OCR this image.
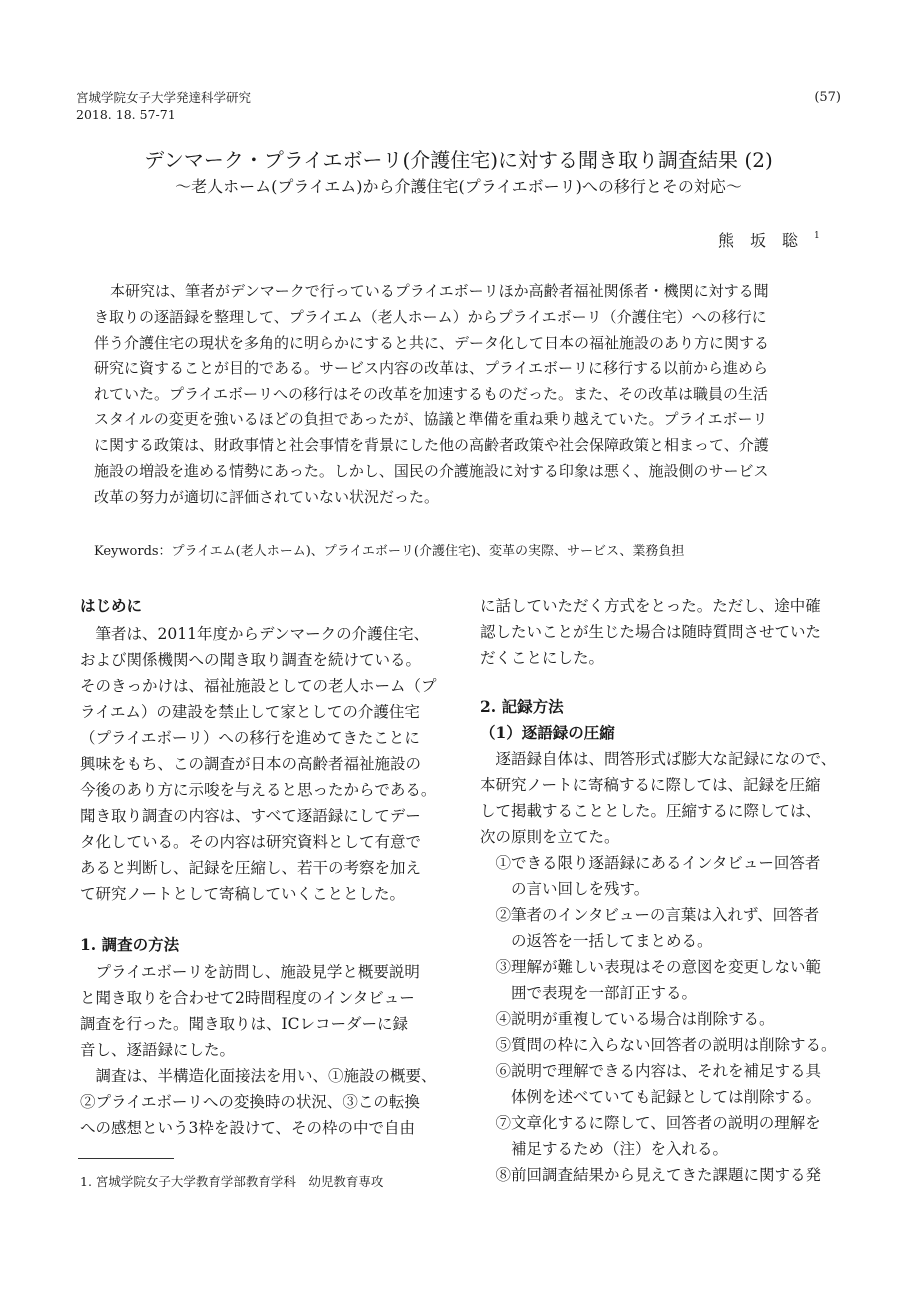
宮城学院女子大学発達科学研究
2018. 18. 57-71
(57)
デンマーク・プライエボーリ(介護住宅)に対する聞き取り調査結果 (2)
～老人ホーム(プライエム)から介護住宅(プライエボーリ)への移行とその対応～
熊坂聡$^1$
本研究は、筆者がデンマークで行っているプライエボーリほか高齢者福祉関係者・機関に対する聞
き取りの逐語録を整理して、プライエム（老人ホーム）からプライエボーリ（介護住宅）への移行に
伴う介護住宅の現状を多角的に明らかにすると共に、データ化して日本の福祉施設のあり方に関する
研究に資することが目的である。サービス内容の改革は、プライエボーリに移行する以前から進めら
れていた。プライエボーリへの移行はその改革を加速するものだった。また、その改革は職員の生活
スタイルの変更を強いるほどの負担であったが、協議と準備を重ね乗り越えていた。プライエボーリ
に関する政策は、財政事情と社会事情を背景にした他の高齢者政策や社会保障政策と相まって、介護
施設の増設を進める情勢にあった。しかし、国民の介護施設に対する印象は悪く、施設側のサービス
改革の努力が適切に評価されていない状況だった。
Keywords：プライエム(老人ホーム)、プライエボーリ(介護住宅)、変革の実際、サービス、業務負担
はじめに
　筆者は、2011年度からデンマークの介護住宅、
および関係機関への聞き取り調査を続けている。
そのきっかけは、福祉施設としての老人ホーム（プ
ライエム）の建設を禁止して家としての介護住宅
（プライエボーリ）への移行を進めてきたことに
興味をもち、この調査が日本の高齢者福祉施設の
今後のあり方に示唆を与えると思ったからである。
聞き取り調査の内容は、すべて逐語録にしてデー
タ化している。その内容は研究資料として有意で
あると判断し、記録を圧縮し、若干の考察を加え
て研究ノートとして寄稿していくこととした。
1. 調査の方法
　プライエボーリを訪問し、施設見学と概要説明
と聞き取りを合わせて2時間程度のインタビュー
調査を行った。聞き取りは、ICレコーダーに録
音し、逐語録にした。
　調査は、半構造化面接法を用い、①施設の概要、
②プライエボーリへの変換時の状況、③この転換
への感想という3枠を設けて、その枠の中で自由
に話していただく方式をとった。ただし、途中確
認したいことが生じた場合は随時質問させていた
だくことにした。
2. 記録方法
（1）逐語録の圧縮
　逐語録自体は、問答形式ぱ膨大な記録になので、
本研究ノートに寄稿するに際しては、記録を圧縮
して掲載することとした。圧縮するに際しては、
次の原則を立てた。
　①できる限り逐語録にあるインタビュー回答者
　　の言い回しを残す。
　②筆者のインタビューの言葉は入れず、回答者
　　の返答を一括してまとめる。
　③理解が難しい表現はその意図を変更しない範
　　囲で表現を一部訂正する。
　④説明が重複している場合は削除する。
　⑤質問の枠に入らない回答者の説明は削除する。
　⑥説明で理解できる内容は、それを補足する具
　　体例を述べていても記録としては削除する。
　⑦文章化するに際して、回答者の説明の理解を
　　補足するため（注）を入れる。
　⑧前回調査結果から見えてきた課題に関する発
1. 宮城学院女子大学教育学部教育学科　幼児教育専攻
